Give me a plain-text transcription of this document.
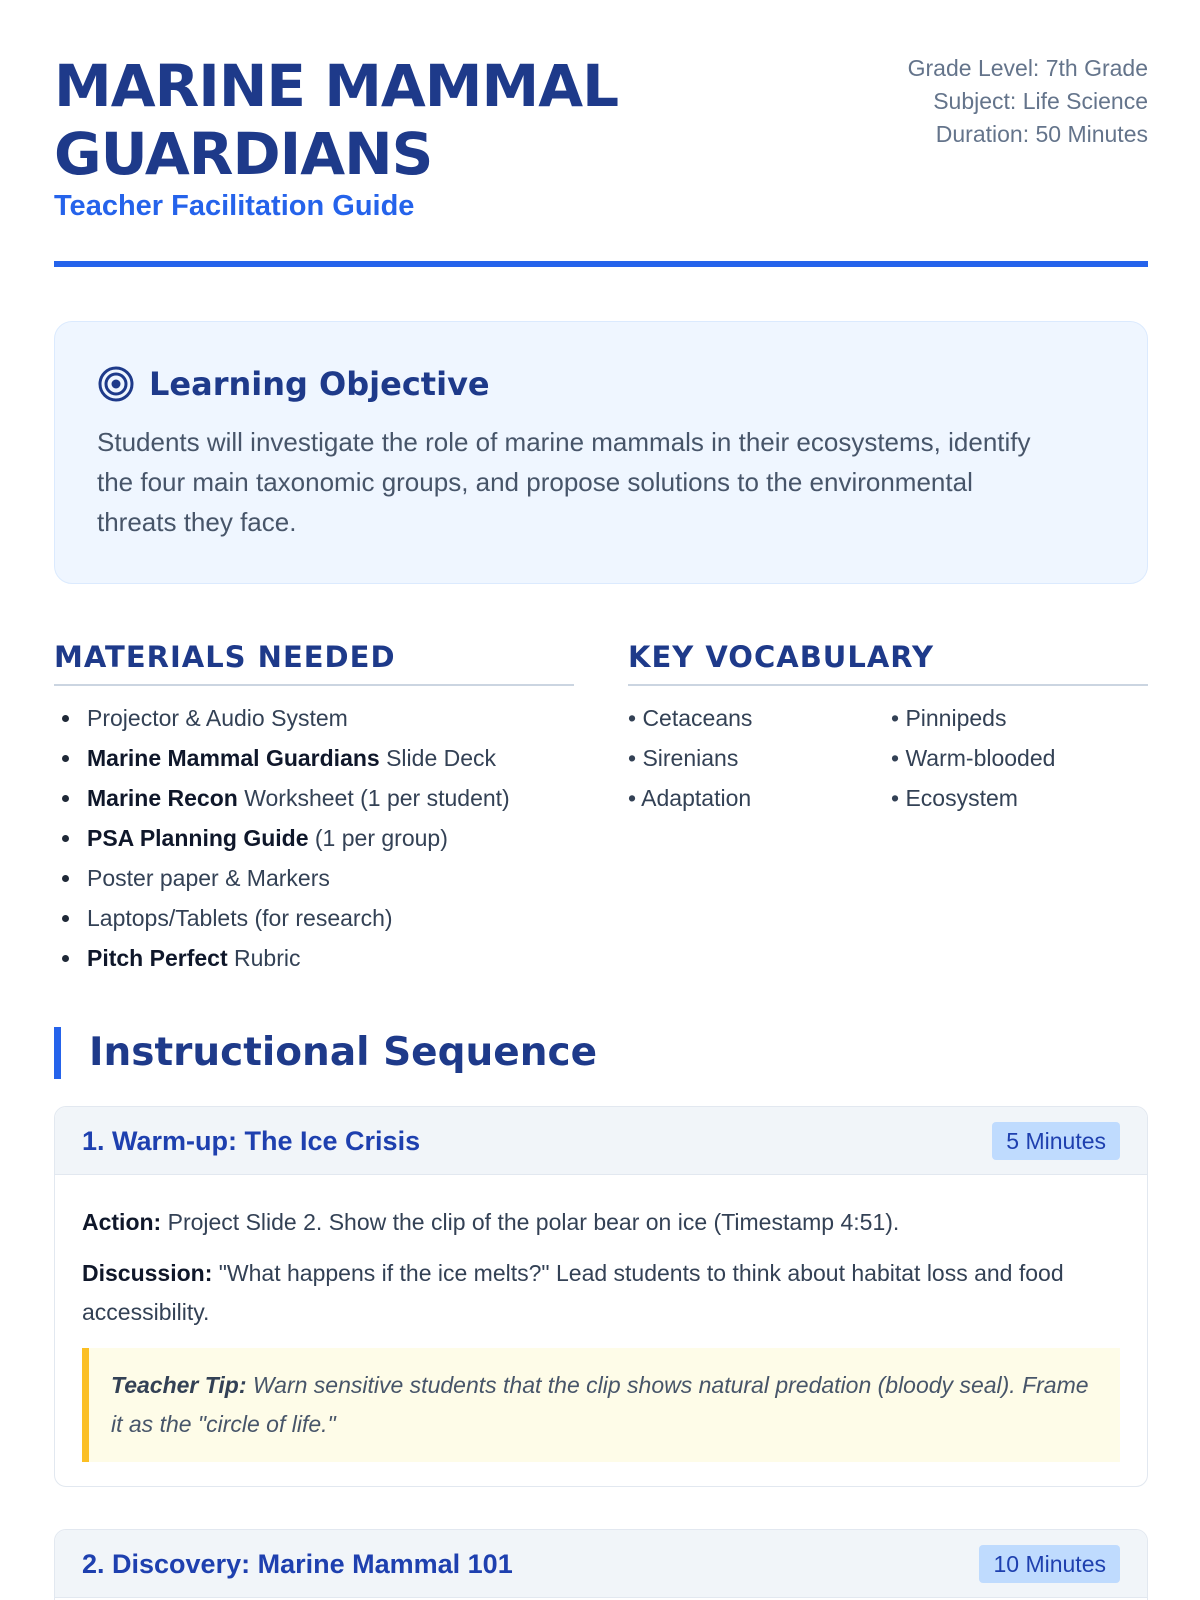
MARINE MAMMAL
GUARDIANS
Teacher Facilitation Guide
Grade Level: 7th Grade
Subject: Life Science
Duration: 50 Minutes
Learning Objective

Students will investigate the role of marine mammals in their ecosystems, identify the four main taxonomic groups, and propose solutions to the environmental threats they face.

MATERIALS NEEDED
Projector & Audio System
Marine Mammal Guardians Slide Deck
Marine Recon Worksheet (1 per student)
PSA Planning Guide (1 per group)
Poster paper & Markers
Laptops/Tablets (for research)
Pitch Perfect Rubric
KEY VOCABULARY
• Cetaceans	• Pinnipeds
• Sirenians	• Warm-blooded
• Adaptation	• Ecosystem
Instructional Sequence
1. Warm-up: The Ice Crisis	5 Minutes

Action: Project Slide 2. Show the clip of the polar bear on ice (Timestamp 4:51).

Discussion: "What happens if the ice melts?" Lead students to think about habitat loss and food accessibility.

Teacher Tip: Warn sensitive students that the clip shows natural predation (bloody seal). Frame it as the "circle of life."
2. Discovery: Marine Mammal 101	10 Minutes
